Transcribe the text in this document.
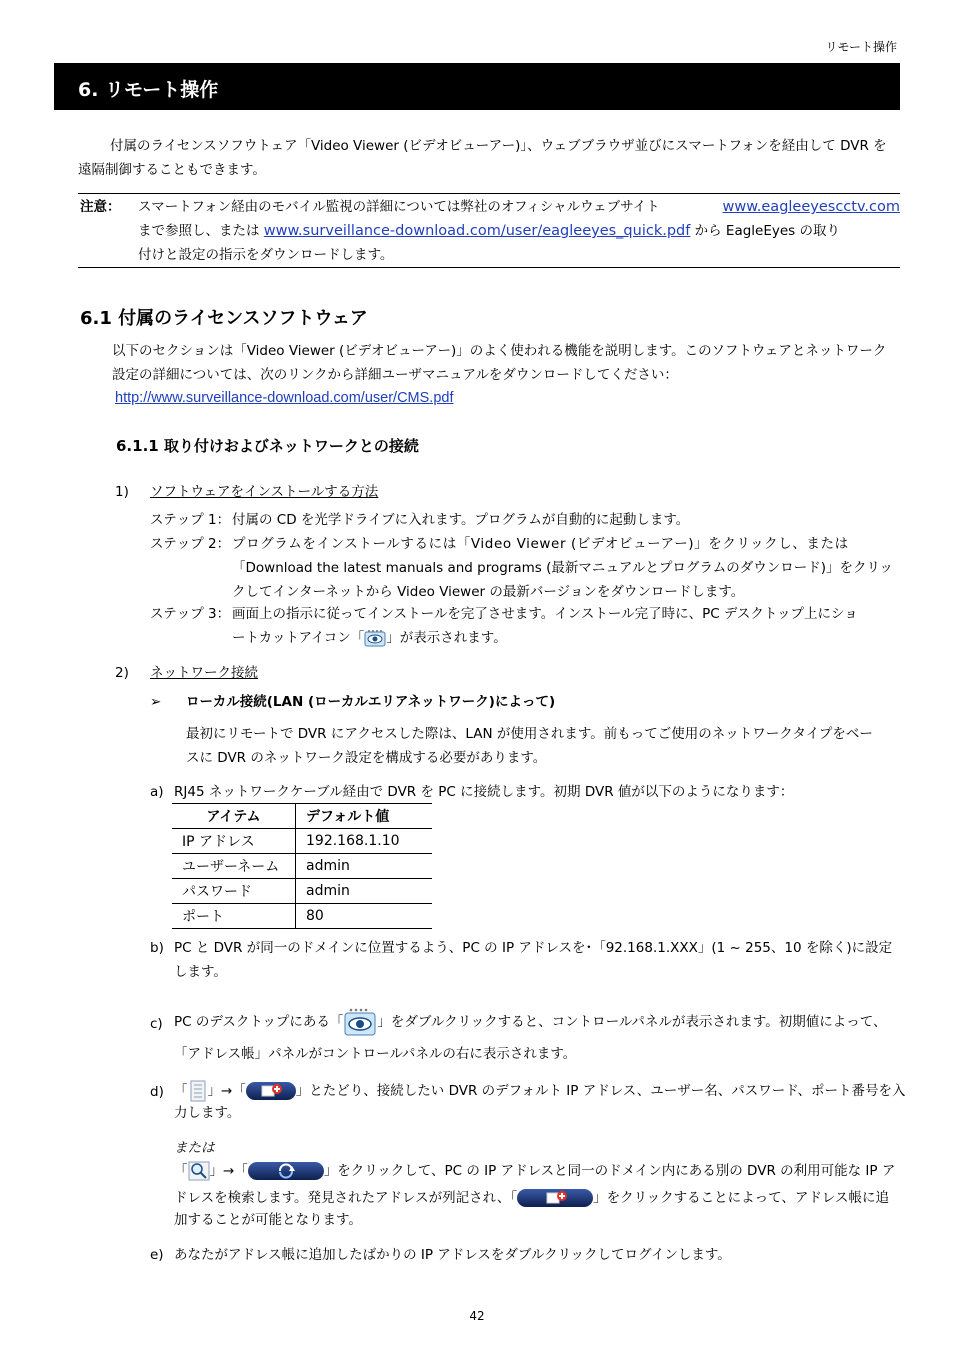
リモート操作
6. リモート操作
付属のライセンスソフウトェア「Video Viewer (ビデオビューアー)」、ウェブブラウザ並びにスマートフォンを経由して DVR を遠隔制御することもできます。
注意： スマートフォン経由のモバイル監視の詳細については弊社のオフィシャルウェブサイト	www.eagleeyescctv.com
まで参照し、または www.surveillance-download.com/user/eagleeyes_quick.pdf から EagleEyes の取り
付けと設定の指示をダウンロードします。
6.1 付属のライセンスソフトウェア
以下のセクションは「Video Viewer (ビデオビューアー)」のよく使われる機能を説明します。このソフトウェアとネットワーク
設定の詳細については、次のリンクから詳細ユーザマニュアルをダウンロードしてください：
http://www.surveillance-download.com/user/CMS.pdf
6.1.1 取り付けおよびネットワークとの接続
1) ソフトウェアをインストールする方法
ステップ 1： 付属の CD を光学ドライブに入れます。プログラムが自動的に起動します。
ステップ 2： プログラムをインストールするには「Video Viewer (ビデオビューアー)」をクリックし、または
「Download the latest manuals and programs (最新マニュアルとプログラムのダウンロード)」をクリッ
クしてインターネットから Video Viewer の最新バージョンをダウンロードします。
ステップ 3： 画面上の指示に従ってインストールを完了させます。インストール完了時に、PC デスクトップ上にショ
ートカットアイコン「 」が表示されます。
2) ネットワーク接続
➢ ローカル接続(LAN (ローカルエリアネットワーク)によって)
最初にリモートで DVR にアクセスした際は、LAN が使用されます。前もってご使用のネットワークタイプをベー
スに DVR のネットワーク設定を構成する必要があります。
a) RJ45 ネットワークケーブル経由で DVR を PC に接続します。初期 DVR 値が以下のようになります：
アイテム	デフォルト値
IP アドレス	192.168.1.10
ユーザーネーム	admin
パスワード	admin
ポート	80
b) PC と DVR が同一のドメインに位置するよう、PC の IP アドレスを･「92.168.1.XXX」(1 ~ 255、10 を除く)に設定
します。
c) PC のデスクトップにある「	」をダブルクリックすると、コントロールパネルが表示されます。初期値によって、
「アドレス帳」パネルがコントロールパネルの右に表示されます。
d) 「 」→「	」とたどり、接続したい DVR のデフォルト IP アドレス、ユーザー名、パスワード、ポート番号を入
力します。
または
「 」→「	」をクリックして、PC の IP アドレスと同一のドメイン内にある別の DVR の利用可能な IP ア
ドレスを検索します。発見されたアドレスが列記され、「	」をクリックすることによって、アドレス帳に追
加することが可能となります。
e) あなたがアドレス帳に追加したばかりの IP アドレスをダブルクリックしてログインします。
42
